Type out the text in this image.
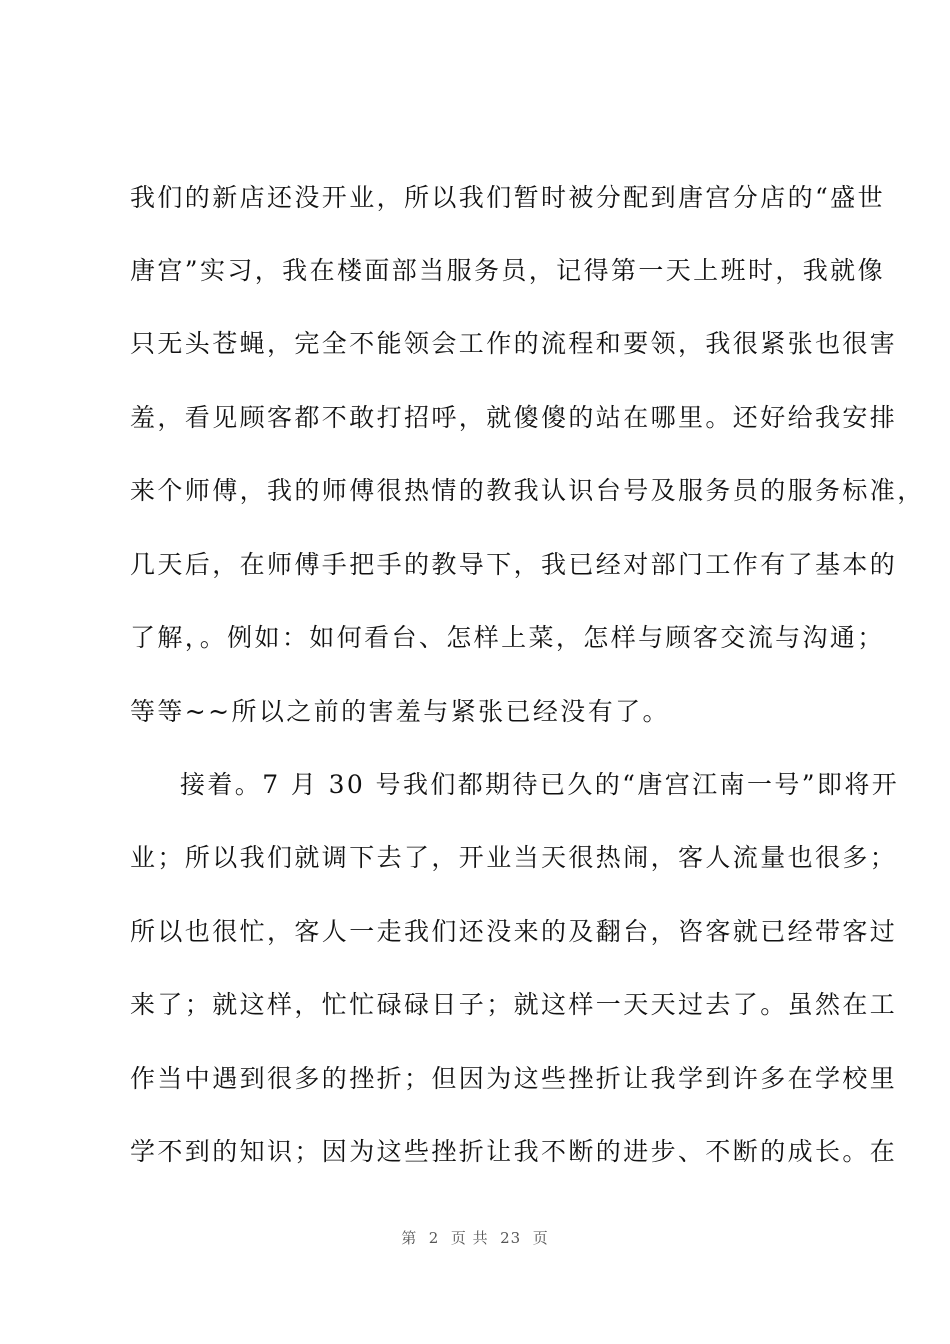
我们的新店还没开业，所以我们暂时被分配到唐宫分店的“盛世
唐宫”实习，我在楼面部当服务员，记得第一天上班时，我就像
只无头苍蝇，完全不能领会工作的流程和要领，我很紧张也很害
羞，看见顾客都不敢打招呼，就傻傻的站在哪里。还好给我安排
来个师傅，我的师傅很热情的教我认识台号及服务员的服务标准，
几天后，在师傅手把手的教导下，我已经对部门工作有了基本的
了解，。例如：如何看台、怎样上菜，怎样与顾客交流与沟通；
等等~~所以之前的害羞与紧张已经没有了。
接着。7 月 30 号我们都期待已久的“唐宫江南一号”即将开
业；所以我们就调下去了，开业当天很热闹，客人流量也很多；
所以也很忙，客人一走我们还没来的及翻台，咨客就已经带客过
来了；就这样，忙忙碌碌日子；就这样一天天过去了。虽然在工
作当中遇到很多的挫折；但因为这些挫折让我学到许多在学校里
学不到的知识；因为这些挫折让我不断的进步、不断的成长。在
第  2  页 共  23  页
